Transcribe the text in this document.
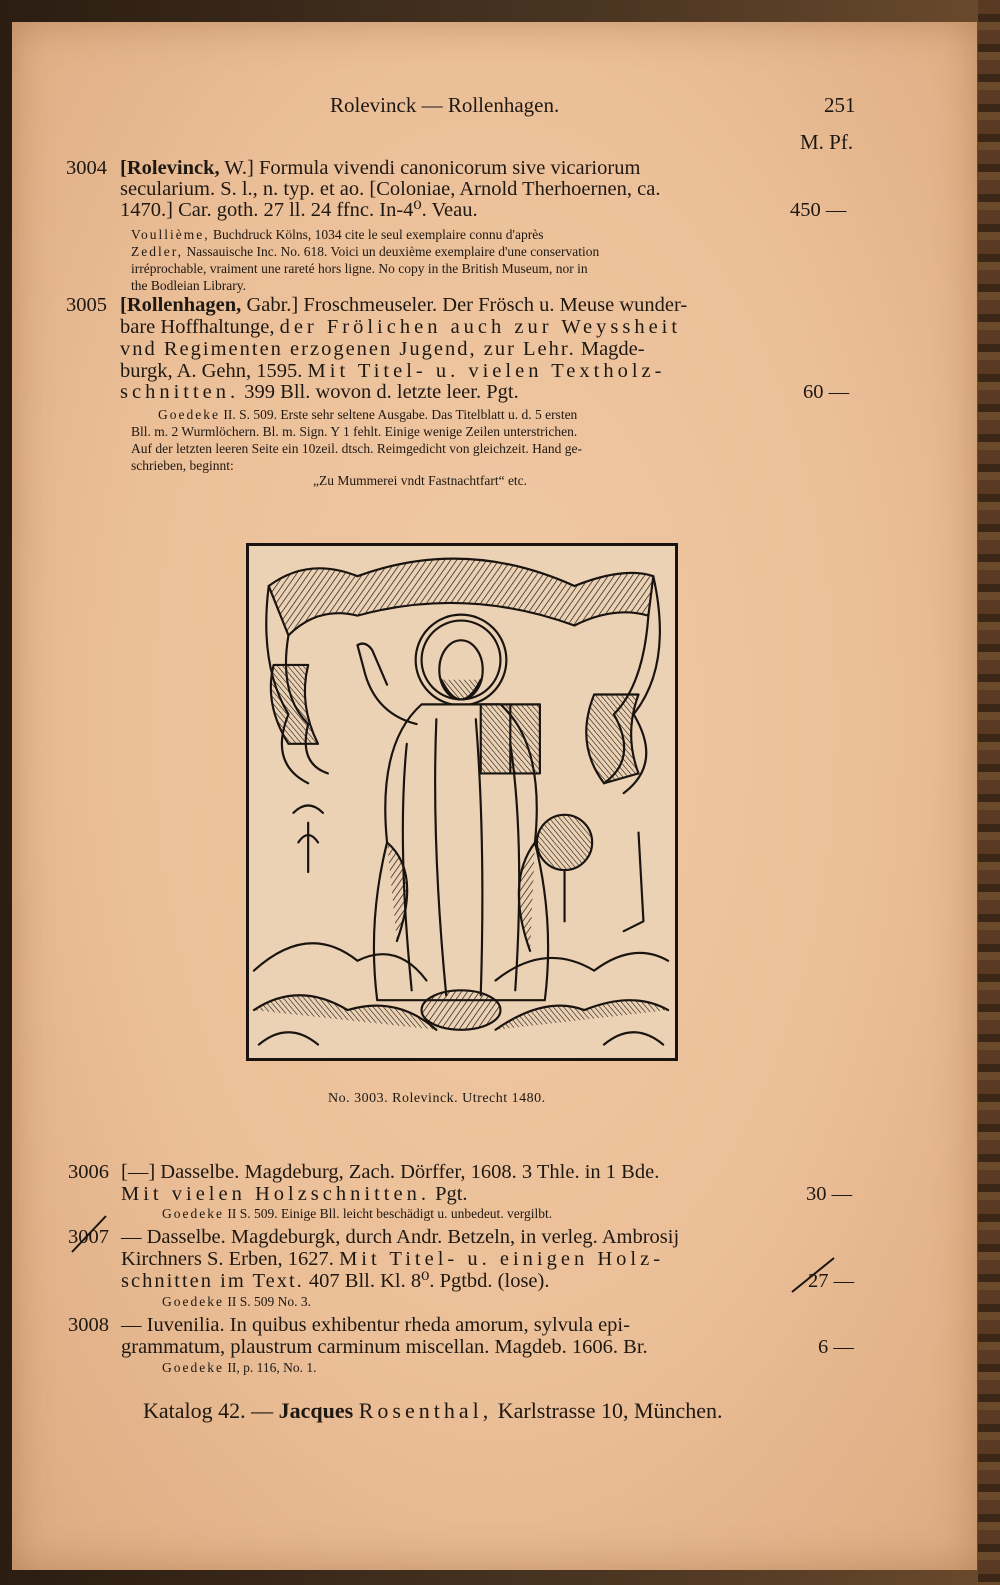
Rolevinck — Rollenhagen.	251
M. Pf.
3004 [Rolevinck, W.] Formula vivendi canonicorum sive vicariorum
secularium. S. l., n. typ. et ao. [Coloniae, Arnold Therhoernen, ca.
1470.] Car. goth. 27 ll. 24 ffnc. In-4⁰. Veau.	450 —
Voullième, Buchdruck Kölns, 1034 cite le seul exemplaire connu d'après
Zedler, Nassauische Inc. No. 618. Voici un deuxième exemplaire d'une conservation
irréprochable, vraiment une rareté hors ligne. No copy in the British Museum, nor in
the Bodleian Library.
3005 [Rollenhagen, Gabr.] Froschmeuseler. Der Frösch u. Meuse wunder-
bare Hoffhaltunge, der Frölichen auch zur Weyssheit
vnd Regimenten erzogenen Jugend, zur Lehr. Magde-
burgk, A. Gehn, 1595. Mit Titel- u. vielen Textholz-
schnitten. 399 Bll. wovon d. letzte leer. Pgt.	60 —
Goedeke II. S. 509. Erste sehr seltene Ausgabe. Das Titelblatt u. d. 5 ersten
Bll. m. 2 Wurmlöchern. Bl. m. Sign. Y 1 fehlt. Einige wenige Zeilen unterstrichen.
Auf der letzten leeren Seite ein 10zeil. dtsch. Reimgedicht von gleichzeit. Hand ge-
schrieben, beginnt:
„Zu Mummerei vndt Fastnachtfart“ etc.
No. 3003. Rolevinck. Utrecht 1480.
3006 [—] Dasselbe. Magdeburg, Zach. Dörffer, 1608. 3 Thle. in 1 Bde.
Mit vielen Holzschnitten. Pgt.	30 —
Goedeke II S. 509. Einige Bll. leicht beschädigt u. unbedeut. vergilbt.
3007 — Dasselbe. Magdeburgk, durch Andr. Betzeln, in verleg. Ambrosij
Kirchners S. Erben, 1627. Mit Titel- u. einigen Holz-
schnitten im Text. 407 Bll. Kl. 8⁰. Pgtbd. (lose).	27 —
Goedeke II S. 509 No. 3.
3008 — Iuvenilia. In quibus exhibentur rheda amorum, sylvula epi-
grammatum, plaustrum carminum miscellan. Magdeb. 1606. Br.	6 —
Goedeke II, p. 116, No. 1.
Katalog 42. — Jacques Rosenthal, Karlstrasse 10, München.
